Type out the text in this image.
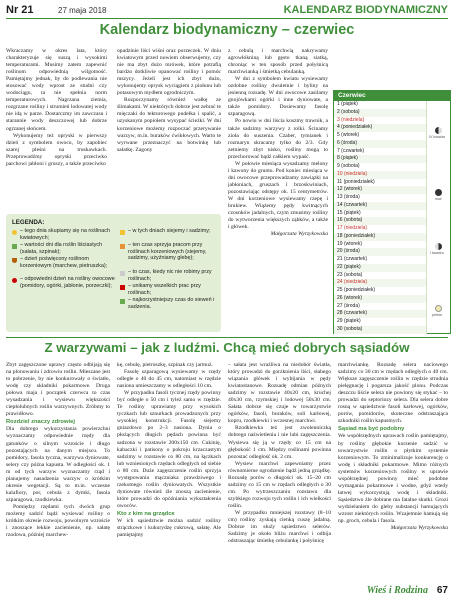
Nr 21	27 maja 2018	KALENDARZ BIODYNAMICZNY
Kalendarz biodynamiczny – czerwiec

Wkraczamy w okres lata, który charakteryzuje się suszą i wysokimi temperaturami. Musimy zatem zapewnić roślinom odpowiednią wilgotność. Pamiętajmy jednak, by do podlewania nie stosować wody wprost ze studni czy wodociągu, ta nie spełnia norm temperaturowych. Nagrzana ziemia, rozgrzane rośliny i strumień lodowatej wody nie idą w parze. Dostarczmy im zawczasu i starannie wody deszczowej lub dobrze ogrzanej słońcem.

Wykonujemy też opryski w pierwszy dzień z symbolem owocu, by zapobiec szarej pleśni na truskawkach. Przeprowadźmy opryski przeciwko parchowi jabłoni i gruszy, a także przeciwko

opadzinie liści wiśni oraz porzeczek. W dniu kwiatowym przed nowiem obserwujemy, czy nie ma zbyt dużo mrówek, które potrafią bardzo dotkliwie opanować rośliny i pomóc mszycy. Jeżeli jest ich zbyt dużo, wykonujemy oprysk wyciągiem z piołunu lub potasowym mydłem ogrodniczym.

Rozpoczynamy również wałkę ze ślimakami. W niektórych dobrze jest zebrać te mięczaki do tekturowego pudełka i spalić, a uzyskanym popiołem wysypać ścieżki. W dni korzeniowe możemy rozpoczać przerywanie warzyw, m.in. buraków ćwikłowych. Warto te wyrwane przeznaczyć na botwinkę lub sałatkę. Zagony

z cebulą i marchwią nakrywamy agrowłókniną lub gęsto tkaną siatką, chroniąc w ten sposób przed połyśnicą marchwianką i śmietką cebulanką.

W dni z symbolem kwiatu wysiewamy ozdobne rośliny dwuletnie i byliny na jesienną rozsadę. W dni owocowe zasilamy gnojówkami ogórki i inne dyniowate, a także pomidory. Dosiewamy fasolę szparagową.

Po nowiu w dni liścia koszmy trawnik, a także sadzimy warzywy z rolki. Ścinamy zioła do suszenia. Czaber, tymianek i rozmaryn skracamy tylko do 2/3. Gdy zetniemy zbyt nisko, rośliny mogą to przechorować bądź całkiem wypaść.

W połowie miesiąca wysadzamy melony i kawony do gruntu. Pod koniec miesiąca w dni owocowe przeprowadzamy zawiązki na jabłoniach, gruszach i brzoskwiniach, pozostawiając odstępy ok. 15 centymetrów. W dni korzeniowe wysiewamy rzepę i brukiew. Wiążemy pędy kwitnących czosnków jadalnych, czym zmusimy rośliny do wytworzenia większych ząbków, a także i główek.

Małgorzata Wyrzykowska

LEGENDA:
– tego dnia skupiamy się na roślinach kwiatowych;
– wartości dni dla roślin liściastych (sałata, szpinak);
– dzień poświęcony roślinom korzeniowym (marchew, pietruszka);
– odpowiedni dzień na rośliny owocowe (pomidory, ogórki, jabłonie, porzeczki);
– w tych dniach siejemy i sadzimy;
– ten czas sprzyja pracom przy roślinach korzeniowych (siejemy, sadzimy, użyźniamy glebę);
– to czas, kiedy nic nie robimy przy roślinach;
– unikamy wszelkich prac przy roślinach;
– najkorzystniejszy czas do sieweń i sadzenia.
Czerwiec
1 (piątek)
2 (sobota)
3 (niedziela)
4 (poniedziałek)
5 (wtorek)
6 (środa)
7 (czwartek)
8 (piątek)
9 (sobota)
10 (niedziela)
11 (poniedziałek)
12 (wtorek)
13 (środa)
14 (czwartek)
15 (piątek)
16 (sobota)
17 (niedziela)
18 (poniedziałek)
19 (wtorek)
20 (środa)
21 (czwartek)
22 (piątek)
23 (sobota)
24 (niedziela)
25 (poniedziałek)
26 (wtorek)
27 (środa)
28 (czwartek)
29 (piątek)
30 (sobota)
IV kwadra
nów
I kwadra
pełnia
Z warzywami – jak z ludźmi. Chcą mieć dobrych sąsiadów

Zbyt zagęszczone uprawy często odbijają się na plonowaniu i zdrowiu roślin. Mieszane jest to pobrzenie, by nie konkurowały o światło, wodę czy składniki pokarmowe. Druga połowa maja i początek czerwca to czas wysadzania i wysiewu większości ciepłolubnych roślin warzywnych. Zróbmy to prawidłowo.

Rozdziel znaczy zdrowiej

Dla dobrego wykorzystania powierzchni wyznaczamy odpowiednie rzędy dla gatunków o silnym wzroście i długo pozostających na danym miejscu. To pomidory, fasola tyczna, warzywa dyniowate, selery czy późna kapusta. W odległości ok. 1 m od tych warzyw wyznaczamy rząd i planujemy nasadzenia warzyw o krótkim okresie wegetacji. Są to m.in. wczesne kalafiory, por, cebula z dymki, fasola szparagowa, rzodkiewka.

Pomiędzy rzędami tych dwóch grup możemy sadzić bądź wysiewać rośliny o krótkim okresie rozwoju, powolnym wzroście i znoszące lekkie zacienienie, np. sałatę rzodowa, później marchew-

kę, cebulę, pietruszkę, szpinak czy jarmuż.

Fasolę szparagową wysiewamy w rzędy odległe o 40 do 45 cm, natomiast w rzędzie nasiona umieszczamy w odległości 10 cm.

W przypadku fasoli tycznej rzędy powinny być odległe o 50 cm i tyleż samo w rzędzie. Te rośliny uprawiamy przy wysokich tyczkach lub sznurkach prowadzonych przy wysokiej konstrukcji. Fasolę siejemy gniazdowo po 2–3 nasiona. Dynia o płożących długich pędach powinna być sadzona w rozstawie 200x150 cm. Cukinię, kabaczki i patisony o pokroju krzaczastym sadzimy w rozstawie co 80 cm, na łączkach lub wzniesionych rzędach odległych od siebie o 80 cm. Duże zagęszczenie roślin sprzyja występowaniu mączniaka prawdziwego i rzekomego roślin dyniowatych. Wszystkie dyniowate również źle znoszą zacienienie, które prowadzi do opóźniania wykształcenia owoców.

Kto z kim na grządce

W ich sąsiedztwie można sadzić rośliny strączkowe i kukurydzę cukrową, sałatę. Ale pamiętajmy

– sałata jest wrażliwa na niedobór światła, który prowadzi do gorzknienia liści, słabego wiązania główek i wybijania w pędy kwiatostanowe. Rozsadę odmian późnych sadzimy w rozstawie 40x20 cm, kruchej 40x30 cm, rzymskiej i lodowej 50x30 cm. Sałata dobrze się czuje w towarzystwie ogórków, fasoli, buraków, soli karłowej, kopru, rzodkiewki i wczesnej marchwi.

Rzodkiewka też jest zwolenniczką dobrego naświetlenia i nie lubi zagęszczenia. Wysiewa się ją w rzędy co 15 cm na głębokość 1 cm. Między roślinami powinna pozostać odległość ok. 2 cm.

Wysiew marchwi zapewniamy przez równomierne ogrodzenie bądź jedną grządkę. Rozsadę porów o długości ok. 15–20 cm sadzimy co 15 cm w rzędach odległych o 30 cm. Po wytrzeszczaniu rozstawu dla szybkiego rozwoju tych roślin i ich wielkości roślin.

W przypadku mniejszej rozstawy (8–10 cm) rośliny zyskają cienką cuszę jadalną. Dobrze im służy sąsiedztwo selerów. Sadzimy je około bliżu marchwi i odbija odstraszając śmietkę cebulankę i połyśnicę

marchwiankę. Rozsadę selera naciowego sadzimy co 30 cm w rzędach odległych o 40 cm. Większe zagęszczenie roślin w rzędzie strudnia pielęgnację i pogarsza jakość plonu. Podczas deszczu liście selera nie powinny się stykać – to prowadzi do septoriozy selera. Dla selera dobre rosną w sąsiedztwie fasoli karłowej, ogórków, porów, pomidorów, skuteczne odstraszająca szkodniki roślin kapustnych.

Sąsiad ma być podobny

We współrzędnych uprawach roślin pamiętajmy, by rośliny głębokie korzenie sadzić w towarzystwie roślin o płytkim systemie korzeniowym. To zminimalizuje konkurencję o wodę i składniki pokarmowe. Mimo różnych systemów korzeniowych rośliny w uprawie współrzędnej powinny mieć podobne wymagania pokarmowe i wodne, gdyż wtedy łatwej wykorzystują wodę i składniki. Sąsiedztwo źle dobrane ma fatalne skutki. Grozi wydzielaniem do gleby substancji hamujących wzrost niektórych roślin. Wzajemnie hamują się np. groch, cebula i fasola.

Małgorzata Wyrzykowska

Wieś i Rodzina 67
